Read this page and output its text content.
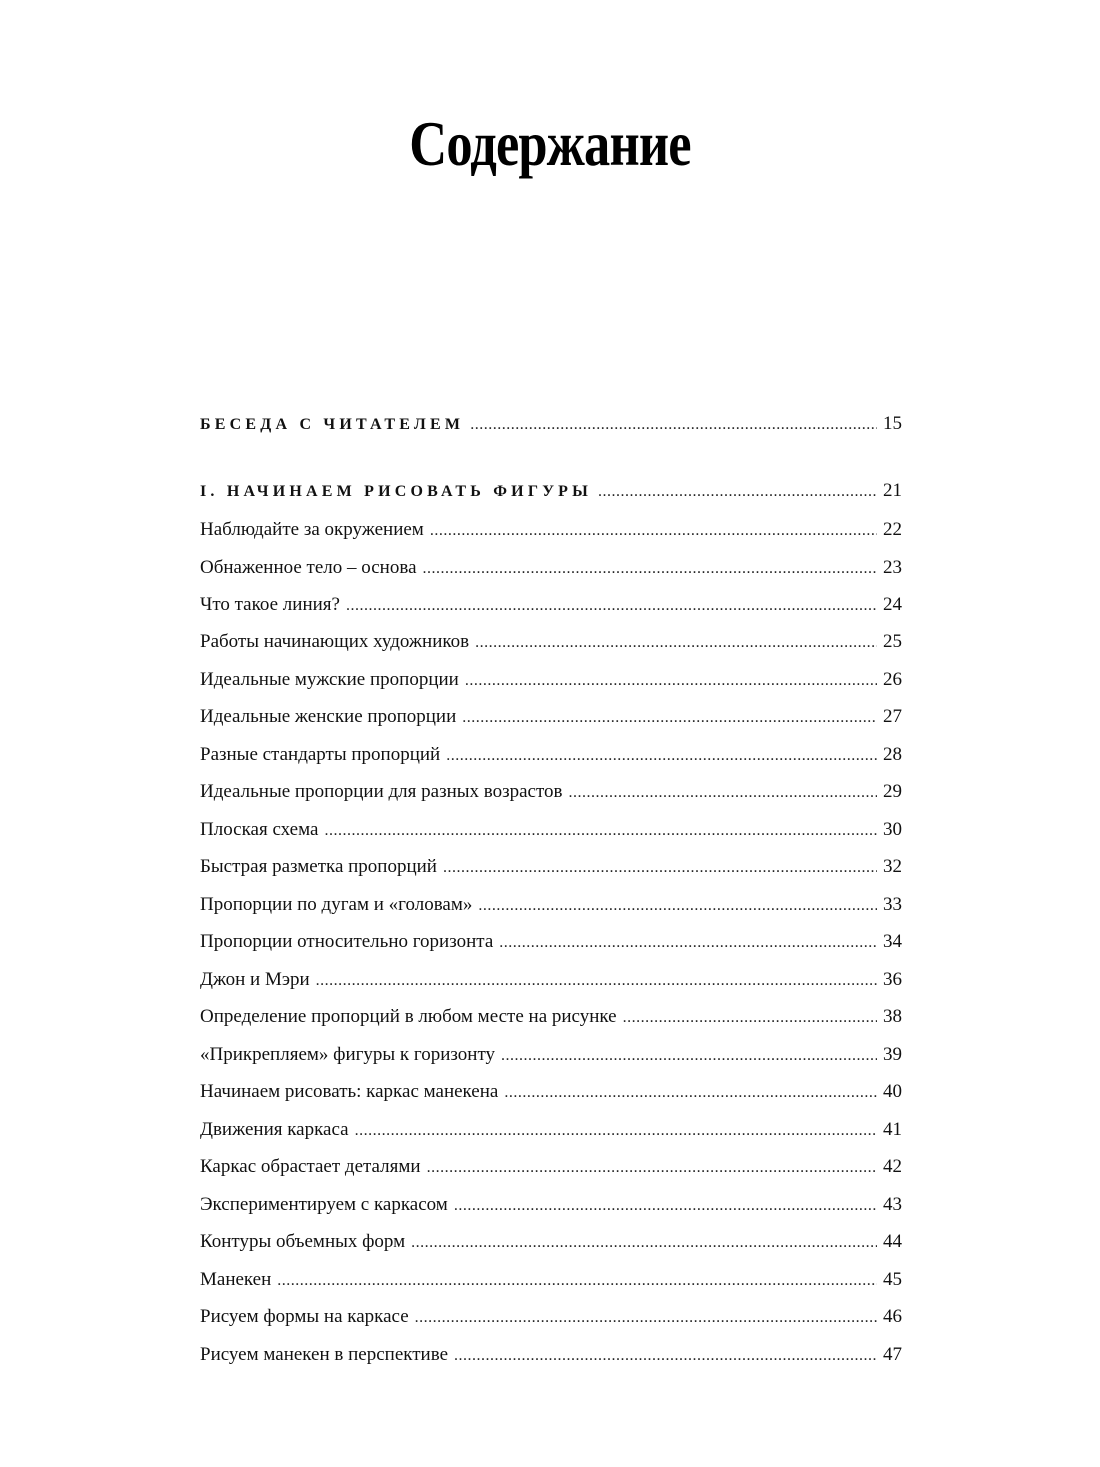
Содержание
БЕСЕДА С ЧИТАТЕЛЕМ .....	15
I. НАЧИНАЕМ РИСОВАТЬ ФИГУРЫ .....	21
Наблюдайте за окружением .....	22
Обнаженное тело – основа .....	23
Что такое линия? .....	24
Работы начинающих художников .....	25
Идеальные мужские пропорции .....	26
Идеальные женские пропорции .....	27
Разные стандарты пропорций .....	28
Идеальные пропорции для разных возрастов .....	29
Плоская схема .....	30
Быстрая разметка пропорций .....	32
Пропорции по дугам и «головам» .....	33
Пропорции относительно горизонта .....	34
Джон и Мэри .....	36
Определение пропорций в любом месте на рисунке .....	38
«Прикрепляем» фигуры к горизонту .....	39
Начинаем рисовать: каркас манекена .....	40
Движения каркаса .....	41
Каркас обрастает деталями .....	42
Экспериментируем с каркасом .....	43
Контуры объемных форм .....	44
Манекен .....	45
Рисуем формы на каркасе .....	46
Рисуем манекен в перспективе .....	47
